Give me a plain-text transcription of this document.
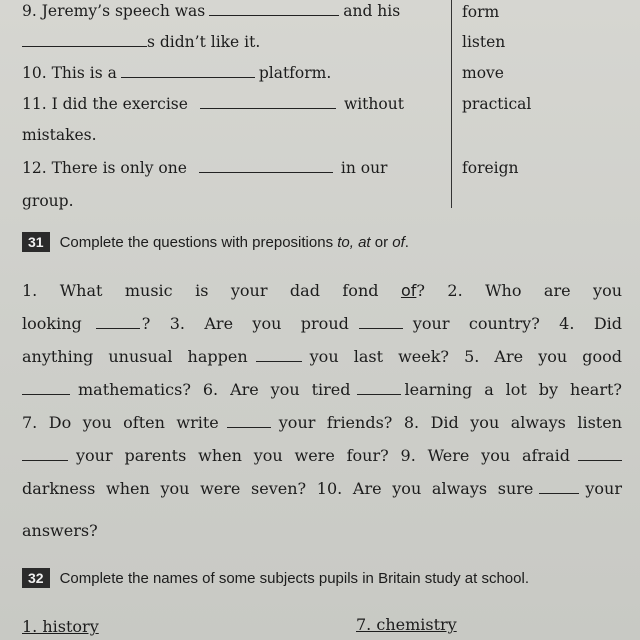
9. Jeremy’s speech was	and his
s didn’t like it.
10. This is a	platform.
11. I did the exercise	without
mistakes.
12. There is only one	in our
group.
form
listen
move
practical
foreign
31 Complete the questions with prepositions to, at or of.
1. What music is your dad fond of? 2. Who are you
looking	? 3. Are you proud	your country? 4. Did
anything unusual happen	you last week? 5. Are you good
mathematics? 6. Are you tired	learning a lot by heart?
7. Do you often write	your friends? 8. Did you always listen
your parents when you were four? 9. Were you afraid
darkness when you were seven? 10. Are you always sure	your
answers?
32 Complete the names of some subjects pupils in Britain study at school.
1. history	7. chemistry
